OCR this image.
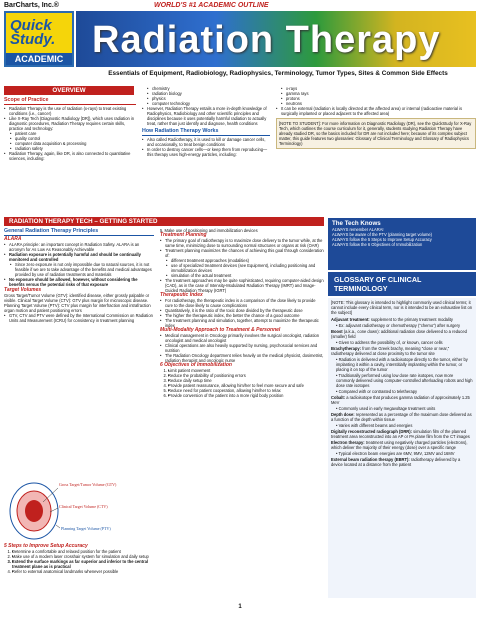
BarCharts, Inc.®	WORLD'S #1 ACADEMIC OUTLINE
Quick Study.
ACADEMIC Radiation Therapy
Essentials of Equipment, Radiobiology, Radiophysics, Terminology, Tumor Types, Sites & Common Side Effects
OVERVIEW
Scope of Practice
• Radiation Therapy is the use of radiation (x-rays) to treat existing conditions (i.e., cancer)
• Like X-Ray Tech (Diagnostic Radiology [DR]), which uses radiation in diagnostic procedures, Radiation Therapy requires certain skills, practice and technology:
• patient care
• quality control
• computer data acquisition & processing
• radiation safety
• Radiation Therapy, again, like DR, is also connected to quantitative sciences, including:
• chemistry
• radiation biology
• physics
• computer technology
• However, Radiation Therapy entails a more in-depth knowledge of Radiophysics, Radiobiology and other scientific principles and disciplines because it uses potentially harmful radiation to actually treat, rather than just identify and diagnose, health conditions
How Radiation Therapy Works
• Also called Radiotherapy, it is used to kill or damage cancer cells, and occasionally, to treat benign conditions
• In order to destroy cancer cells—or keep them from reproducing—this therapy uses high-energy particles, including:
• x-rays
• gamma rays
• protons
• neutrons
• It can be external (radiation is locally directed at the affected area) or internal (radioactive material is surgically implanted or placed adjacent to the affected area)
[NOTE TO STUDENT]: For more information on Diagnostic Radiology (DR), see the QuickStudy for X-Ray Tech, which outlines the course curriculum for it, generally, students studying Radiation Therapy have already studied DR, so the basics included for DR are not included here; because of its complex subject matter, this guide features two glossaries: Glossary of Clinical Terminology and Glossary of Radiophysics Terminology)
RADIATION THERAPY TECH – GETTING STARTED
General Radiation Therapy Principles
ALARA
• ALARA principle: an important concept in Radiation Safety. ALARA is an acronym for As Low As Reasonably Achievable
• Radiation exposure is potentially harmful and should be continually monitored and controlled
• Since zero exposure is not only impossible due to natural sources, it is not feasible if we are to take advantage of the benefits and medical advantages provided by use of radiation treatments and materials
• No exposure should be allowed, however, without considering the benefits versus the potential risks of that exposure
Target Volumes
Gross Target/Tumor Volume (GTV): identified disease, either grossly palpable or visible. Clinical Target Volume (CTV): GTV plus margin for microscopic disease. Planning Target Volume (PTV): CTV plus margin for interfraction and intrafraction organ motion and patient positioning errors
• GTV, CTV and PTV were defined by the International Commission on Radiation Units and Measurement (ICRU) for consistency in treatment planning
Gross Target/Tumor Volume (GTV)
Clinical Target Volume (CTV)
Planning Target Volume (PTV)
5 Steps to Improve Setup Accuracy
• 1. Determine a comfortable and relaxed position for the patient
• 2. Make use of a modern laser crosshair system for simulation and daily setup
• 3. Extend the surface markings as far superior and inferior to the central treatment plane as is practical
• 4. Refer to external anatomical landmarks whenever possible
5. Make use of positioning and immobilization devices
Treatment Planning
• The primary goal of radiotherapy is to maximize dose delivery to the tumor while, at the same time, minimizing dose to surrounding normal structures or organs at risk (OAR)
• Treatment planning maximizes the chances of achieving this goal through consideration of:
• different treatment approaches (modalities)
• use of specialized treatment devices (see Equipment), including positioning and immobilization devices
• simulation of the actual treatment
• The treatment approaches may be quite sophisticated, requiring computer-aided design (CAD), as in the case of Intensity-Modulated Radiation Therapy (IMRT) and Image-Guided Radiation Therapy (IGRT)
Therapeutic Index
• For radiotherapy, the therapeutic index is a comparison of the dose likely to provide cure to the dose likely to cause complications
• Quantitatively, it is the ratio of the toxic dose divided by the therapeutic dose
• The higher the therapeutic index, the better the chance of a good outcome
• The treatment planning and simulation, together, attempt to maximize the therapeutic index
Multi-Modality Approach to Treatment & Personnel
• Medical management in Oncology primarily involves the surgical oncologist, radiation oncologist and medical oncologist
• Clinical operations are also heavily supported by nursing, psychosocial services and nutrition
• The Radiation Oncology department relies heavily on the medical physicist, dosimetrist, radiation therapist and oncologic nurse
6 Objectives of Immobilization
• 1. Limit patient movement
• 2. Reduce the probability of positioning errors
• 3. Reduce daily setup time
• 4. Provide patient reassurance, allowing him/her to feel more secure and safe
• 5. Reduce need for patient cooperation, allowing him/her to relax
• 6. Provide conversion of the patient into a more rigid body position
The Tech Knows
ALWAYS remember ALARA!
ALWAYS be aware of the PTV (planning target volume)
ALWAYS follow the 5 Steps to Improve Setup Accuracy
ALWAYS follow the 6 Objectives of Immobilization
GLOSSARY OF CLINICAL TERMINOLOGY
[NOTE: This glossary is intended to highlight commonly used clinical terms; it cannot include every clinical term, nor is it intended to be an exhaustive list on the subject]
Adjuvant treatment: supplement to the primary treatment modality
• Ex: adjuvant radiotherapy or chemotherapy ("chemo") after surgery
Boost (a.k.a., cone down): additional radiation dose delivered to a reduced (smaller) field
• Given to address the possibility of, or known, cancer cells
Brachytherapy: from the Greek brachy, meaning "close or near," radiotherapy delivered at close proximity to the tumor site
• Radiation is delivered with a radioisotope directly to the tumor, either by implanting it within a cavity, interstitially implanting within the tumor, or placing it on top of the tumor
• Traditionally performed using low dose rate isotopes, now more commonly delivered using computer-controlled afterloading robots and high dose rate isotopes
• Compared with or contrasted to teletherapy
Cobalt: a radioisotope that produces gamma radiation of approximately 1.25 MeV
• Commonly used in early megavoltage treatment units
Depth dose: represented as a percentage of the maximum dose delivered as a function of the depth within tissue
• Varies with different beams and energies
Digitally reconstructed radiograph (DRR): simulation film of the planned treatment area reconstructed into an AP or PA plane film from the CT images
Electron therapy: treatment using negatively charged particles (electrons), which deliver the majority of their energy (dose) over a specific range
• Typical electron beam energies are 6MV, 9MV, 12MV and 16MV
External beam radiation therapy (EBRT): radiotherapy delivered by a device located at a distance from the patient
1
